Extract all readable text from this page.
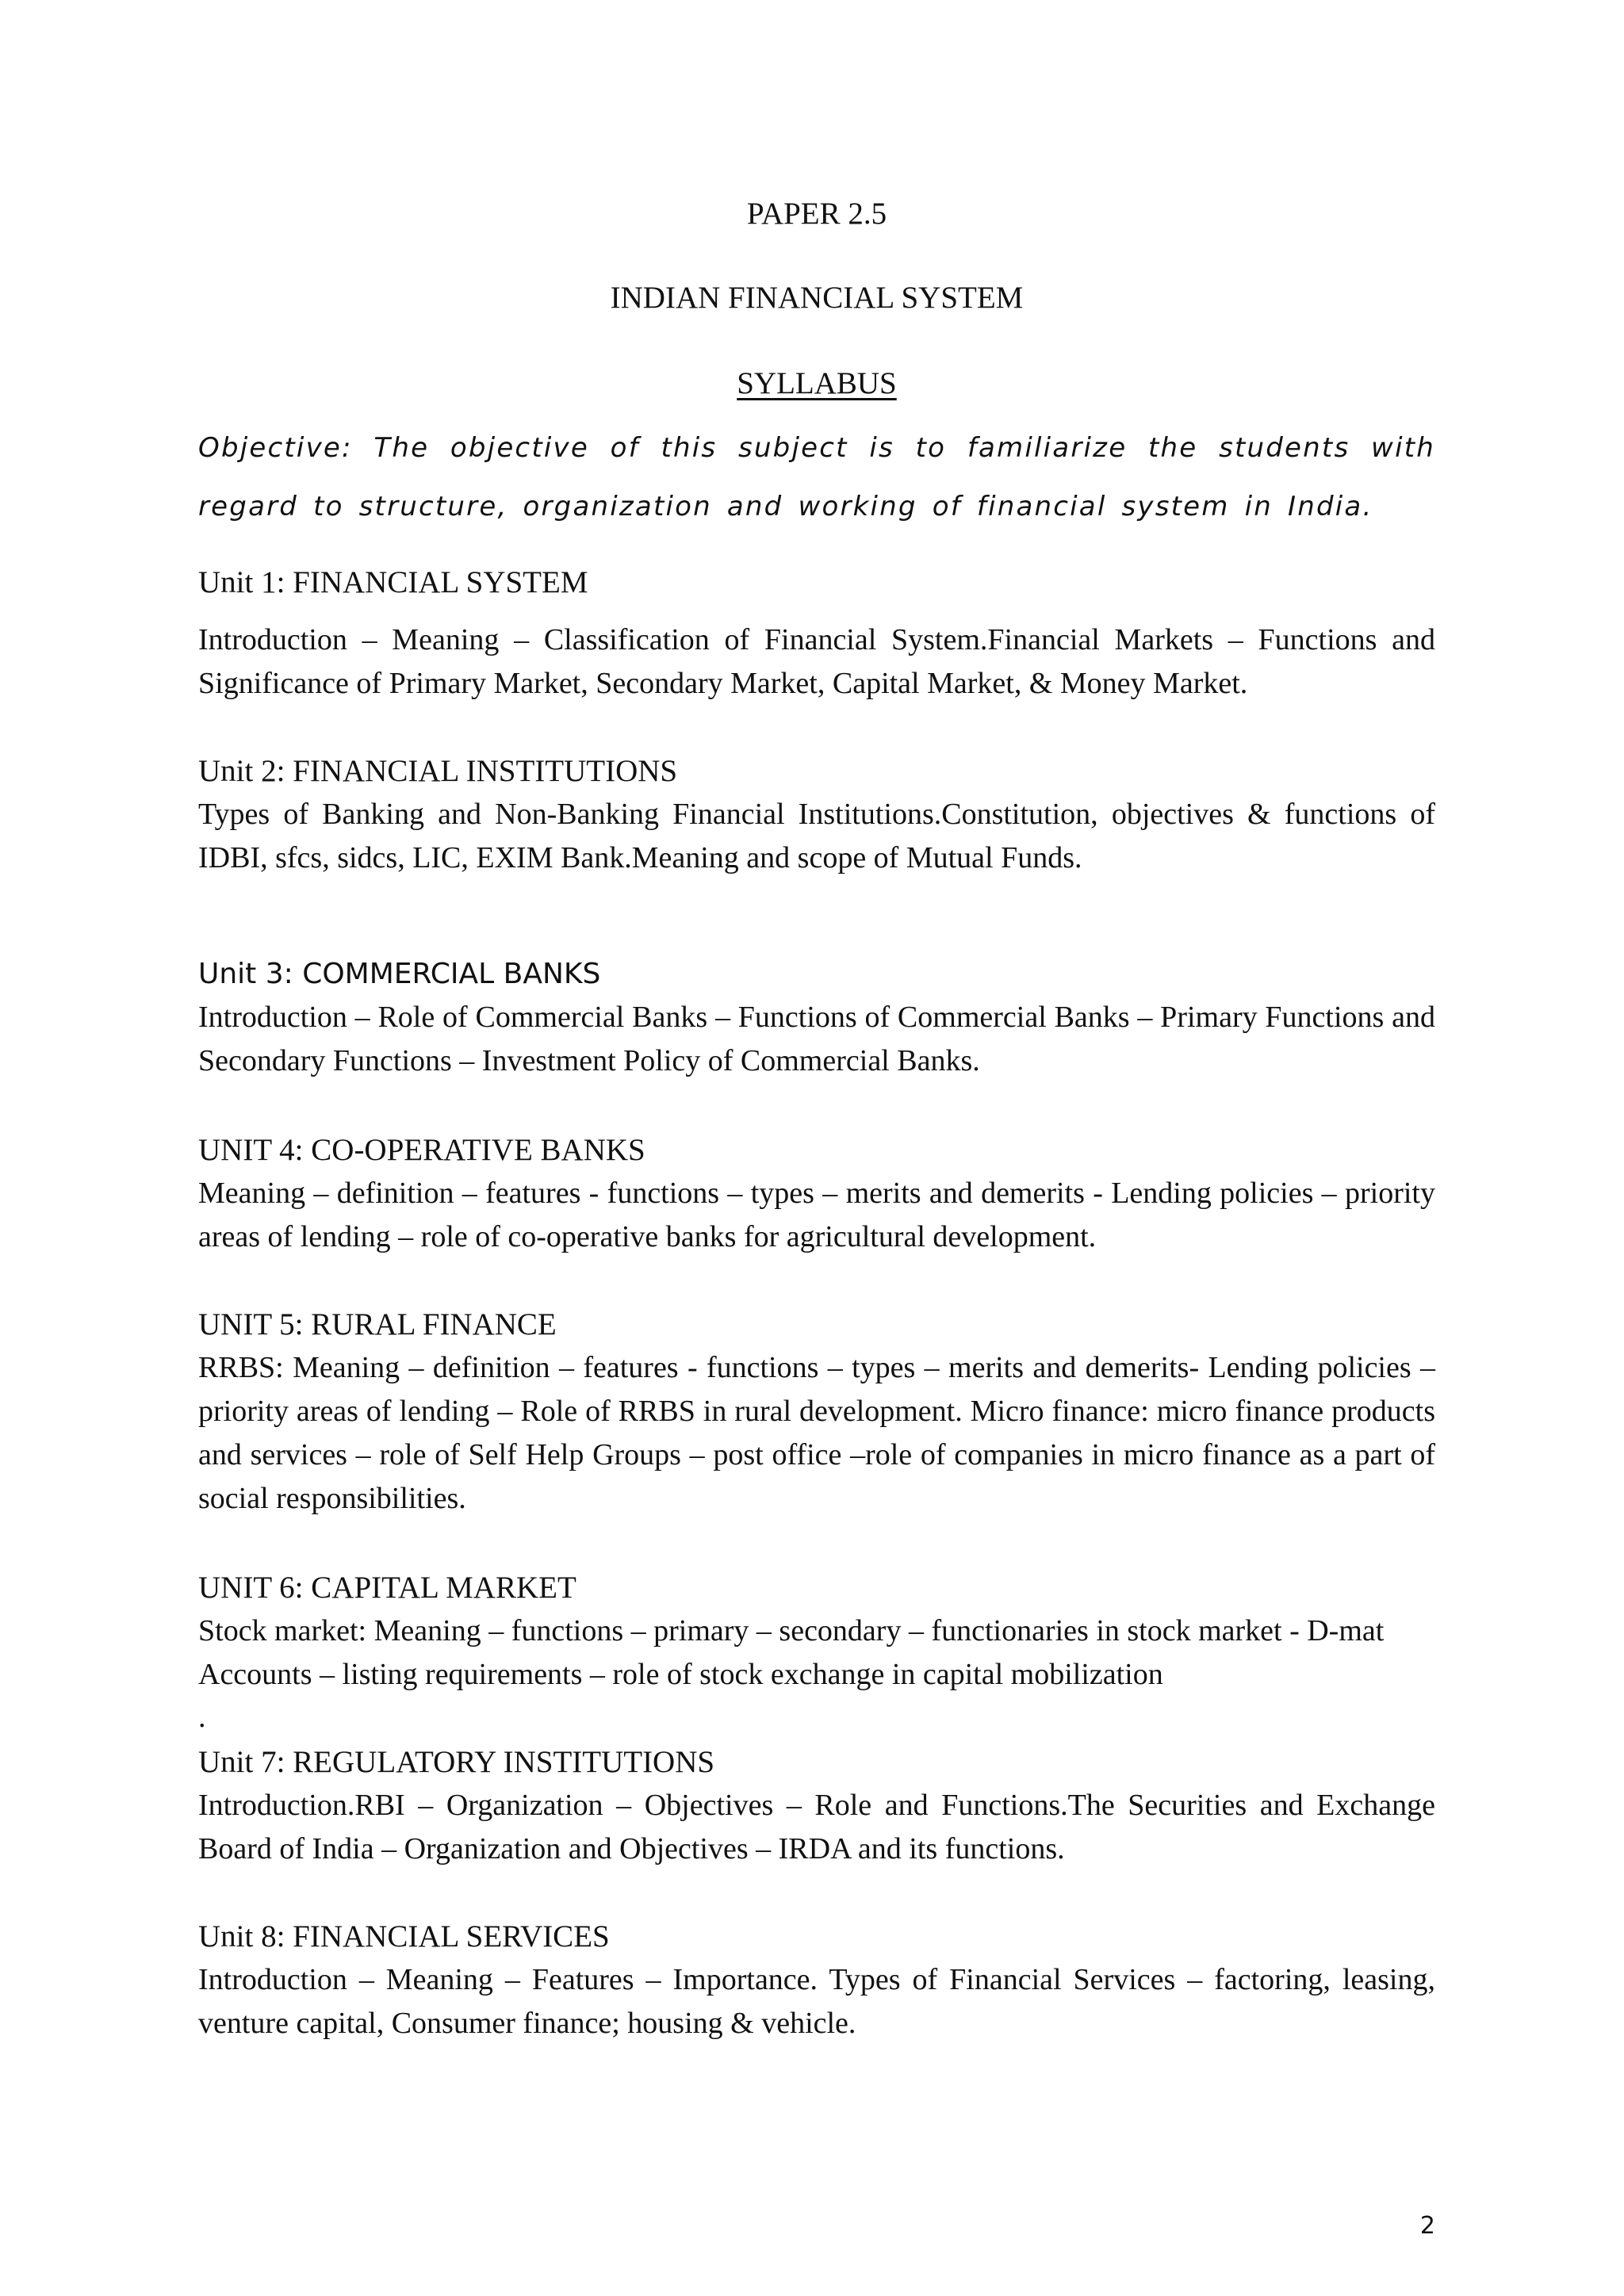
PAPER 2.5
INDIAN FINANCIAL SYSTEM
SYLLABUS

Objective: The objective of this subject is to familiarize the students with regard to structure, organization and working of financial system in India.

Unit 1: FINANCIAL SYSTEM

Introduction – Meaning – Classification of Financial System.Financial Markets – Functions and Significance of Primary Market, Secondary Market, Capital Market, & Money Market.

Unit 2: FINANCIAL INSTITUTIONS

Types of Banking and Non-Banking Financial Institutions.Constitution, objectives & functions of IDBI, sfcs, sidcs, LIC, EXIM Bank.Meaning and scope of Mutual Funds.

Unit 3: COMMERCIAL BANKS

Introduction – Role of Commercial Banks – Functions of Commercial Banks – Primary Functions and Secondary Functions – Investment Policy of Commercial Banks.

UNIT 4: CO-OPERATIVE BANKS

Meaning – definition – features - functions – types – merits and demerits - Lending policies – priority areas of lending – role of co-operative banks for agricultural development.

UNIT 5: RURAL FINANCE

RRBS: Meaning – definition – features - functions – types – merits and demerits- Lending policies – priority areas of lending – Role of RRBS in rural development. Micro finance: micro finance products and services – role of Self Help Groups – post office –role of companies in micro finance as a part of social responsibilities.

UNIT 6: CAPITAL MARKET

Stock market: Meaning – functions – primary – secondary – functionaries in stock market - D-mat Accounts – listing requirements – role of stock exchange in capital mobilization

.

Unit 7: REGULATORY INSTITUTIONS

Introduction.RBI – Organization – Objectives – Role and Functions.The Securities and Exchange Board of India – Organization and Objectives – IRDA and its functions.

Unit 8: FINANCIAL SERVICES

Introduction – Meaning – Features – Importance. Types of Financial Services – factoring, leasing, venture capital, Consumer finance; housing & vehicle.

2
